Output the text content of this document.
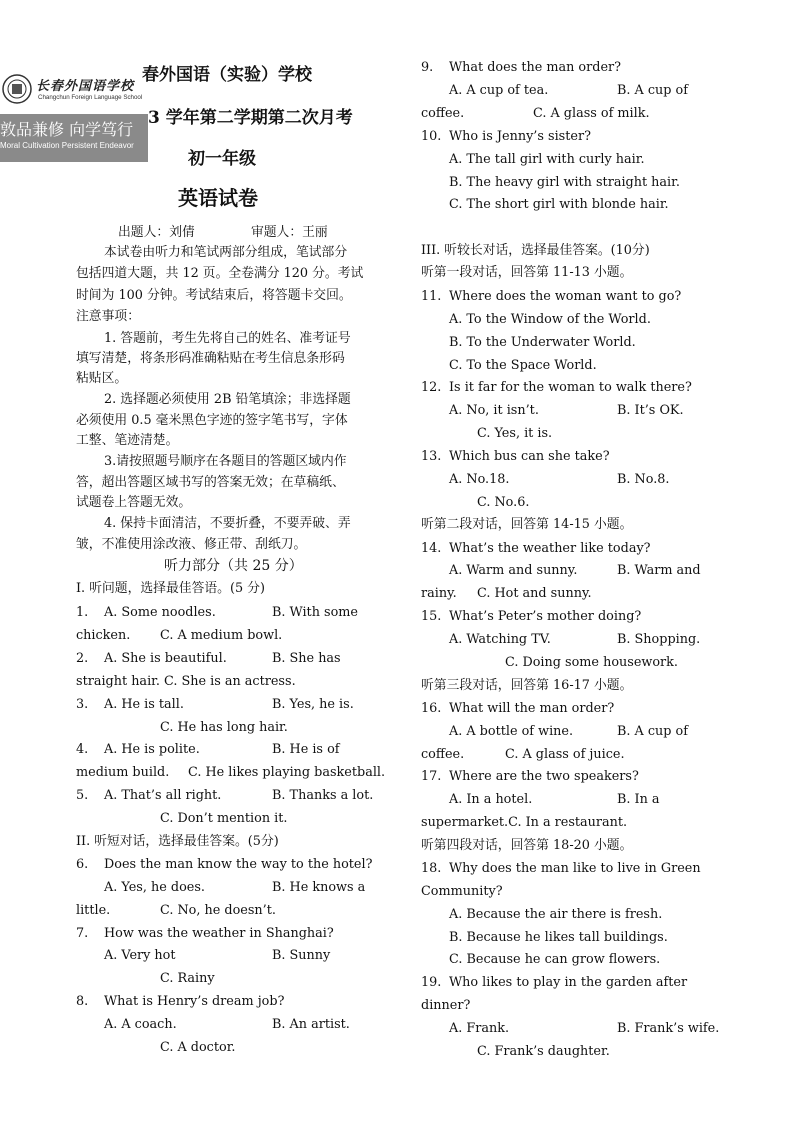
长春外国语学校
Changchun Foreign Language School
敦品兼修 向学笃行
Moral Cultivation Persistent Endeavor
春外国语（实验）学校
3 学年第二学期第二次月考
初一年级
英语试卷
出题人：刘倩	审题人：王丽
本试卷由听力和笔试两部分组成，笔试部分
包括四道大题，共 12 页。全卷满分 120 分。考试
时间为 100 分钟。考试结束后，将答题卡交回。
注意事项：
1. 答题前，考生先将自己的姓名、准考证号
填写清楚，将条形码准确粘贴在考生信息条形码
粘贴区。
2. 选择题必须使用 2B 铅笔填涂；非选择题
必须使用 0.5 毫米黑色字迹的签字笔书写，字体
工整、笔迹清楚。
3.请按照题号顺序在各题目的答题区域内作
答，超出答题区域书写的答案无效；在草稿纸、
试题卷上答题无效。
4. 保持卡面清洁，不要折叠，不要弄破、弄
皱，不准使用涂改液、修正带、刮纸刀。
听力部分（共 25 分）
I. 听问题，选择最佳答语。(5 分)
1. A. Some noodles.	B. With some
chicken. C. A medium bowl.
2. A. She is beautiful.	B. She has
straight hair. C. She is an actress.
3. A. He is tall.	B. Yes, he is.
C. He has long hair.
4. A. He is polite.	B. He is of
medium build. C. He likes playing basketball.
5. A. That’s all right.	B. Thanks a lot.
C. Don’t mention it.
II. 听短对话，选择最佳答案。(5分)
6. Does the man know the way to the hotel?
A. Yes, he does.	B. He knows a
little.	C. No, he doesn’t.
7. How was the weather in Shanghai?
A. Very hot	B. Sunny
C. Rainy
8. What is Henry’s dream job?
A. A coach.	B. An artist.
C. A doctor.
9. What does the man order?
A. A cup of tea.	B. A cup of
coffee.	C. A glass of milk.
10. Who is Jenny’s sister?
A. The tall girl with curly hair.
B. The heavy girl with straight hair.
C. The short girl with blonde hair.
III. 听较长对话，选择最佳答案。(10分)
听第一段对话，回答第 11-13 小题。
11. Where does the woman want to go?
A. To the Window of the World.
B. To the Underwater World.
C. To the Space World.
12. Is it far for the woman to walk there?
A. No, it isn’t.	B. It’s OK.
C. Yes, it is.
13. Which bus can she take?
A. No.18.	B. No.8.
C. No.6.
听第二段对话，回答第 14-15 小题。
14. What’s the weather like today?
A. Warm and sunny.	B. Warm and
rainy. C. Hot and sunny.
15. What’s Peter’s mother doing?
A. Watching TV.	B. Shopping.
C. Doing some housework.
听第三段对话，回答第 16-17 小题。
16. What will the man order?
A. A bottle of wine.	B. A cup of
coffee.	C. A glass of juice.
17. Where are the two speakers?
A. In a hotel.	B. In a
supermarket.C. In a restaurant.
听第四段对话，回答第 18-20 小题。
18. Why does the man like to live in Green
Community?
A. Because the air there is fresh.
B. Because he likes tall buildings.
C. Because he can grow flowers.
19. Who likes to play in the garden after
dinner?
A. Frank.	B. Frank’s wife.
C. Frank’s daughter.
